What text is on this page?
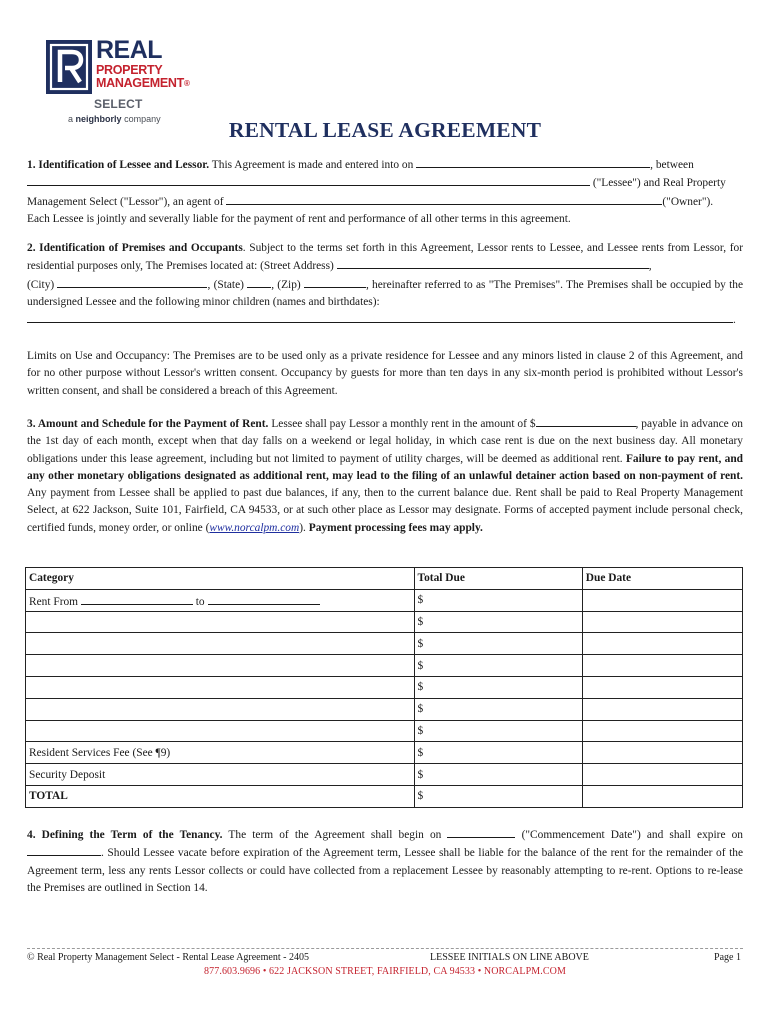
REAL
PROPERTY
MANAGEMENT®
SELECT
a neighborly company	RENTAL LEASE AGREEMENT
1. Identification of Lessee and Lessor. This Agreement is made and entered into on	, between
("Lessee") and Real Property
Management Select ("Lessor"), an agent of	("Owner").
Each Lessee is jointly and severally liable for the payment of rent and performance of all other terms in this agreement.
2. Identification of Premises and Occupants. Subject to the terms set forth in this Agreement, Lessor rents to Lessee, and Lessee rents from Lessor, for residential purposes only, The Premises located at: (Street Address)	,
(City)	, (State) , (Zip)	, hereinafter referred to as "The Premises". The Premises shall be occupied by the undersigned Lessee and the following minor children (names and birthdates):
.
Limits on Use and Occupancy: The Premises are to be used only as a private residence for Lessee and any minors listed in clause 2 of this Agreement, and for no other purpose without Lessor's written consent. Occupancy by guests for more than ten days in any six-month period is prohibited without Lessor's written consent, and shall be considered a breach of this Agreement.
3. Amount and Schedule for the Payment of Rent. Lessee shall pay Lessor a monthly rent in the amount of $	, payable in advance on the 1st day of each month, except when that day falls on a weekend or legal holiday, in which case rent is due on the next business day. All monetary obligations under this lease agreement, including but not limited to payment of utility charges, will be deemed as additional rent. Failure to pay rent, and any other monetary obligations designated as additional rent, may lead to the filing of an unlawful detainer action based on non-payment of rent. Any payment from Lessee shall be applied to past due balances, if any, then to the current balance due. Rent shall be paid to Real Property Management Select, at 622 Jackson, Suite 101, Fairfield, CA 94533, or at such other place as Lessor may designate. Forms of accepted payment include personal check, certified funds, money order, or online (www.norcalpm.com). Payment processing fees may apply.
Category	Total Due	Due Date
Rent From to	$	
	$	
	$	
	$	
	$	
	$	
	$	
Resident Services Fee (See ¶9)	$	
Security Deposit	$	
TOTAL	$	
4. Defining the Term of the Tenancy. The term of the Agreement shall begin on	("Commencement Date") and shall expire on . Should Lessee vacate before expiration of the Agreement term, Lessee shall be liable for the balance of the rent for the remainder of the Agreement term, less any rents Lessor collects or could have collected from a replacement Lessee by reasonably attempting to re-rent. Options to re-lease the Premises are outlined in Section 14.
© Real Property Management Select - Rental Lease Agreement - 2405	LESSEE INITIALS ON LINE ABOVE	Page 1
877.603.9696 • 622 JACKSON STREET, FAIRFIELD, CA 94533 • NORCALPM.COM
